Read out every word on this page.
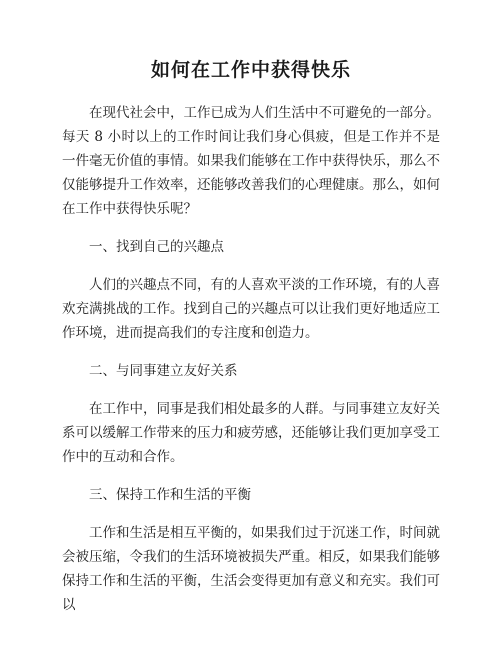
如何在工作中获得快乐

在现代社会中，工作已成为人们生活中不可避免的一部分。每天 8 小时以上的工作时间让我们身心俱疲，但是工作并不是一件毫无价值的事情。如果我们能够在工作中获得快乐，那么不仅能够提升工作效率，还能够改善我们的心理健康。那么，如何在工作中获得快乐呢？

一、找到自己的兴趣点

人们的兴趣点不同，有的人喜欢平淡的工作环境，有的人喜欢充满挑战的工作。找到自己的兴趣点可以让我们更好地适应工作环境，进而提高我们的专注度和创造力。

二、与同事建立友好关系

在工作中，同事是我们相处最多的人群。与同事建立友好关系可以缓解工作带来的压力和疲劳感，还能够让我们更加享受工作中的互动和合作。

三、保持工作和生活的平衡

工作和生活是相互平衡的，如果我们过于沉迷工作，时间就会被压缩，令我们的生活环境被损失严重。相反，如果我们能够保持工作和生活的平衡，生活会变得更加有意义和充实。我们可以
